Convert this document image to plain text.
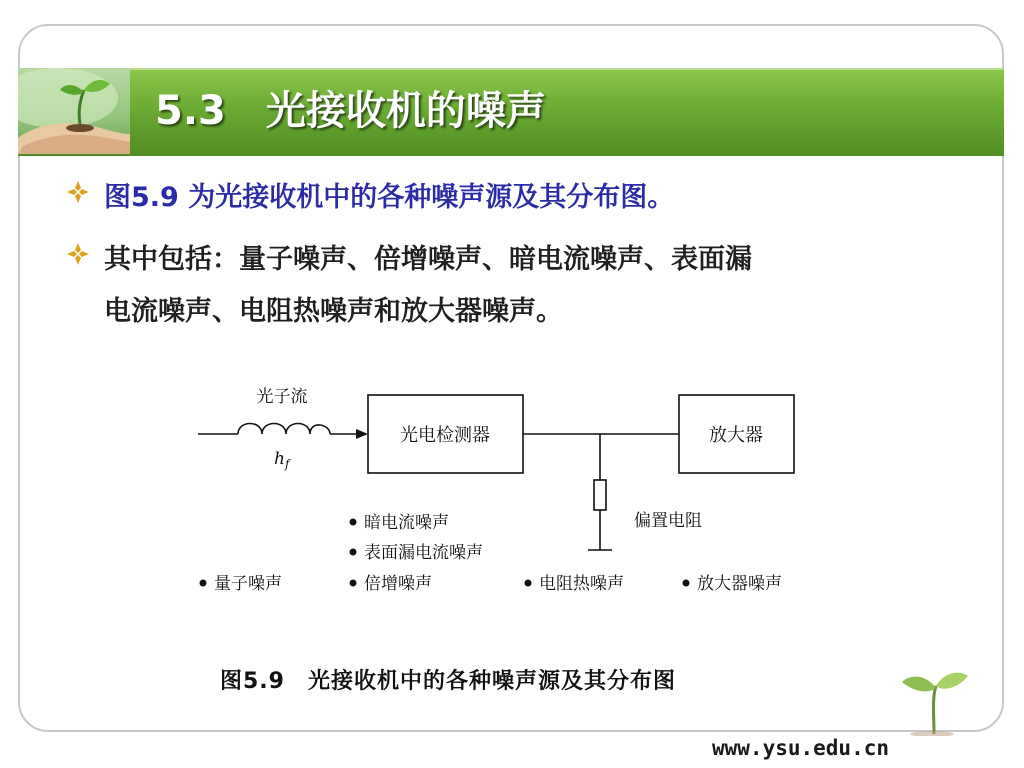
5.3　光接收机的噪声
图5.9 为光接收机中的各种噪声源及其分布图。
其中包括：量子噪声、倍增噪声、暗电流噪声、表面漏
电流噪声、电阻热噪声和放大器噪声。
光子流
$h_f$
光电检测器	放大器
偏置电阻
暗电流噪声
表面漏电流噪声
量子噪声	倍增噪声	电阻热噪声	放大器噪声
图5.9　光接收机中的各种噪声源及其分布图
www.ysu.edu.cn
